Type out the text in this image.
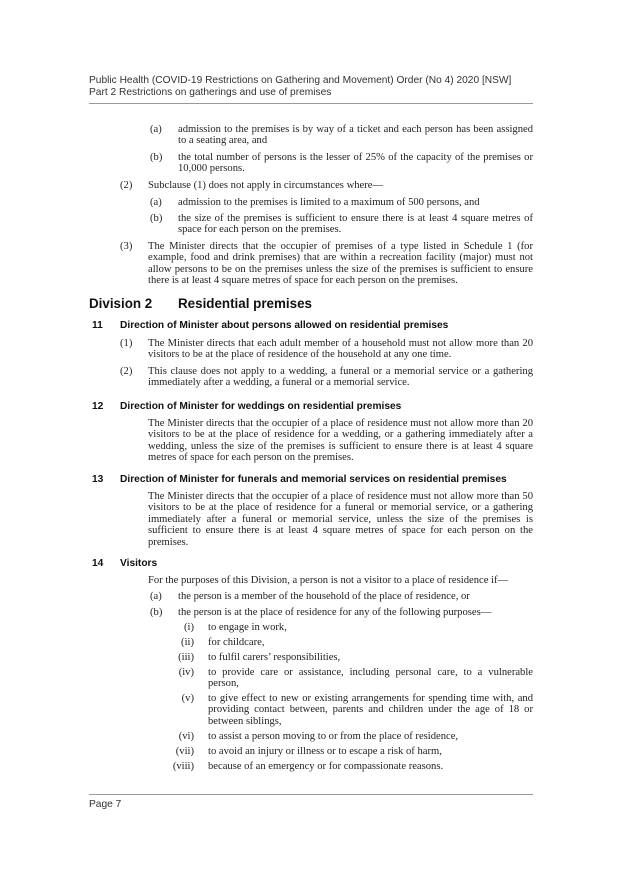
Public Health (COVID-19 Restrictions on Gathering and Movement) Order (No 4) 2020 [NSW]
Part 2 Restrictions on gatherings and use of premises
(a) admission to the premises is by way of a ticket and each person has been assigned to a seating area, and
(b) the total number of persons is the lesser of 25% of the capacity of the premises or 10,000 persons.
(2) Subclause (1) does not apply in circumstances where—
(a) admission to the premises is limited to a maximum of 500 persons, and
(b) the size of the premises is sufficient to ensure there is at least 4 square metres of space for each person on the premises.
(3) The Minister directs that the occupier of premises of a type listed in Schedule 1 (for example, food and drink premises) that are within a recreation facility (major) must not allow persons to be on the premises unless the size of the premises is sufficient to ensure there is at least 4 square metres of space for each person on the premises.
Division 2 Residential premises
11 Direction of Minister about persons allowed on residential premises
(1) The Minister directs that each adult member of a household must not allow more than 20 visitors to be at the place of residence of the household at any one time.
(2) This clause does not apply to a wedding, a funeral or a memorial service or a gathering immediately after a wedding, a funeral or a memorial service.
12 Direction of Minister for weddings on residential premises
The Minister directs that the occupier of a place of residence must not allow more than 20 visitors to be at the place of residence for a wedding, or a gathering immediately after a wedding, unless the size of the premises is sufficient to ensure there is at least 4 square metres of space for each person on the premises.
13 Direction of Minister for funerals and memorial services on residential premises
The Minister directs that the occupier of a place of residence must not allow more than 50 visitors to be at the place of residence for a funeral or memorial service, or a gathering immediately after a funeral or memorial service, unless the size of the premises is sufficient to ensure there is at least 4 square metres of space for each person on the premises.
14 Visitors
For the purposes of this Division, a person is not a visitor to a place of residence if—
(a) the person is a member of the household of the place of residence, or
(b) the person is at the place of residence for any of the following purposes—
(i) to engage in work,
(ii) for childcare,
(iii) to fulfil carers’ responsibilities,
(iv) to provide care or assistance, including personal care, to a vulnerable person,
(v) to give effect to new or existing arrangements for spending time with, and providing contact between, parents and children under the age of 18 or between siblings,
(vi) to assist a person moving to or from the place of residence,
(vii) to avoid an injury or illness or to escape a risk of harm,
(viii) because of an emergency or for compassionate reasons.
Page 7
